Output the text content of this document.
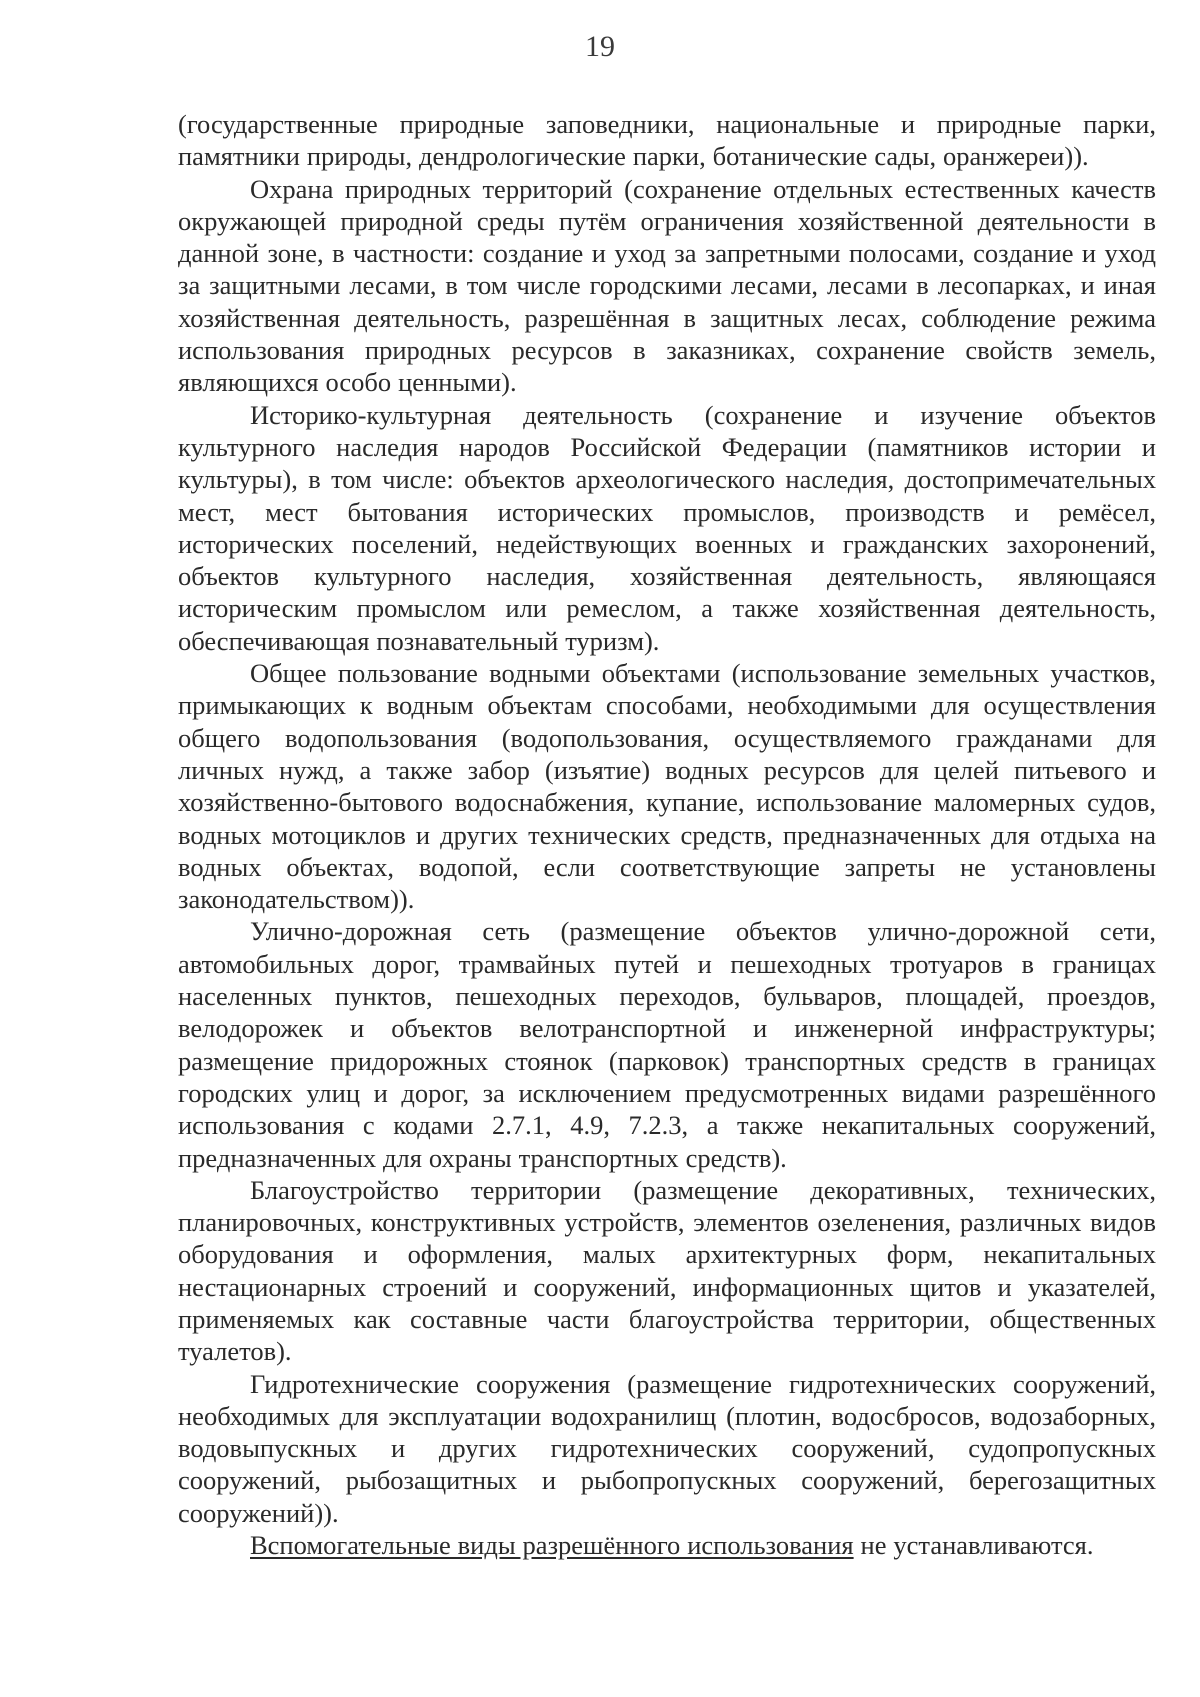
19

(государственные природные заповедники, национальные и природные парки, памятники природы, дендрологические парки, ботанические сады, оранжереи)).

Охрана природных территорий (сохранение отдельных естественных качеств окружающей природной среды путём ограничения хозяйственной деятельности в данной зоне, в частности: создание и уход за запретными полосами, создание и уход за защитными лесами, в том числе городскими лесами, лесами в лесопарках, и иная хозяйственная деятельность, разрешённая в защитных лесах, соблюдение режима использования природных ресурсов в заказниках, сохранение свойств земель, являющихся особо ценными).

Историко-культурная деятельность (сохранение и изучение объектов культурного наследия народов Российской Федерации (памятников истории и культуры), в том числе: объектов археологического наследия, достопримечательных мест, мест бытования исторических промыслов, производств и ремёсел, исторических поселений, недействующих военных и гражданских захоронений, объектов культурного наследия, хозяйственная деятельность, являющаяся историческим промыслом или ремеслом, а также хозяйственная деятельность, обеспечивающая познавательный туризм).

Общее пользование водными объектами (использование земельных участков, примыкающих к водным объектам способами, необходимыми для осуществления общего водопользования (водопользования, осуществляемого гражданами для личных нужд, а также забор (изъятие) водных ресурсов для целей питьевого и хозяйственно-бытового водоснабжения, купание, использование маломерных судов, водных мотоциклов и других технических средств, предназначенных для отдыха на водных объектах, водопой, если соответствующие запреты не установлены законодательством)).

Улично-дорожная сеть (размещение объектов улично-дорожной сети, автомобильных дорог, трамвайных путей и пешеходных тротуаров в границах населенных пунктов, пешеходных переходов, бульваров, площадей, проездов, велодорожек и объектов велотранспортной и инженерной инфраструктуры; размещение придорожных стоянок (парковок) транспортных средств в границах городских улиц и дорог, за исключением предусмотренных видами разрешённого использования с кодами 2.7.1, 4.9, 7.2.3, а также некапитальных сооружений, предназначенных для охраны транспортных средств).

Благоустройство территории (размещение декоративных, технических, планировочных, конструктивных устройств, элементов озеленения, различных видов оборудования и оформления, малых архитектурных форм, некапитальных нестационарных строений и сооружений, информационных щитов и указателей, применяемых как составные части благоустройства территории, общественных туалетов).

Гидротехнические сооружения (размещение гидротехнических сооружений, необходимых для эксплуатации водохранилищ (плотин, водосбросов, водозаборных, водовыпускных и других гидротехнических сооружений, судопропускных сооружений, рыбозащитных и рыбопропускных сооружений, берегозащитных сооружений)).

Вспомогательные виды разрешённого использования не устанавливаются.
